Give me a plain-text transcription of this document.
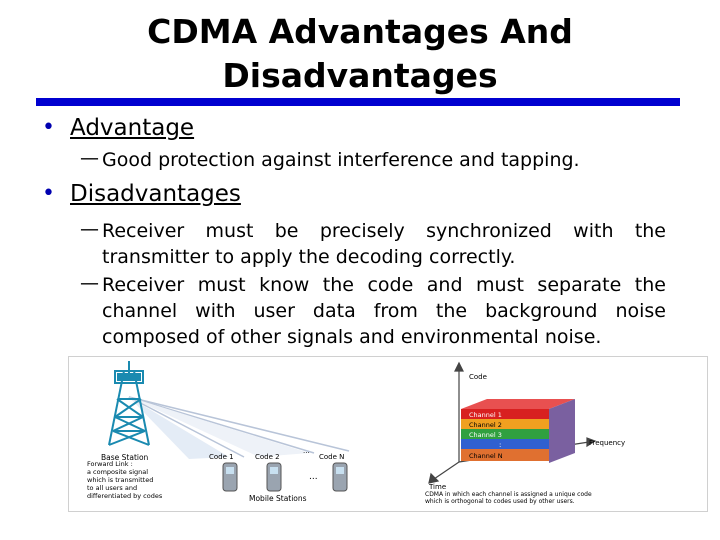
CDMA Advantages And
Disadvantages
• Advantage
— Good protection against interference and tapping.
• Disadvantages
— Receiver must be precisely synchronized with the transmitter to apply the decoding correctly.
— Receiver must know the code and must separate the channel with user data from the background noise composed of other signals and environmental noise.
Base Station	Code 1	Code 2
...
Code N
...
Forward Link :
a composite signal
which is transmitted
to all users and
differentiated by codes	Mobile Stations
Code
Frequency
Time
Channel 1
Channel 2
Channel 3
:
Channel N
CDMA in which each channel is assigned a unique code
which is orthogonal to codes used by other users.
